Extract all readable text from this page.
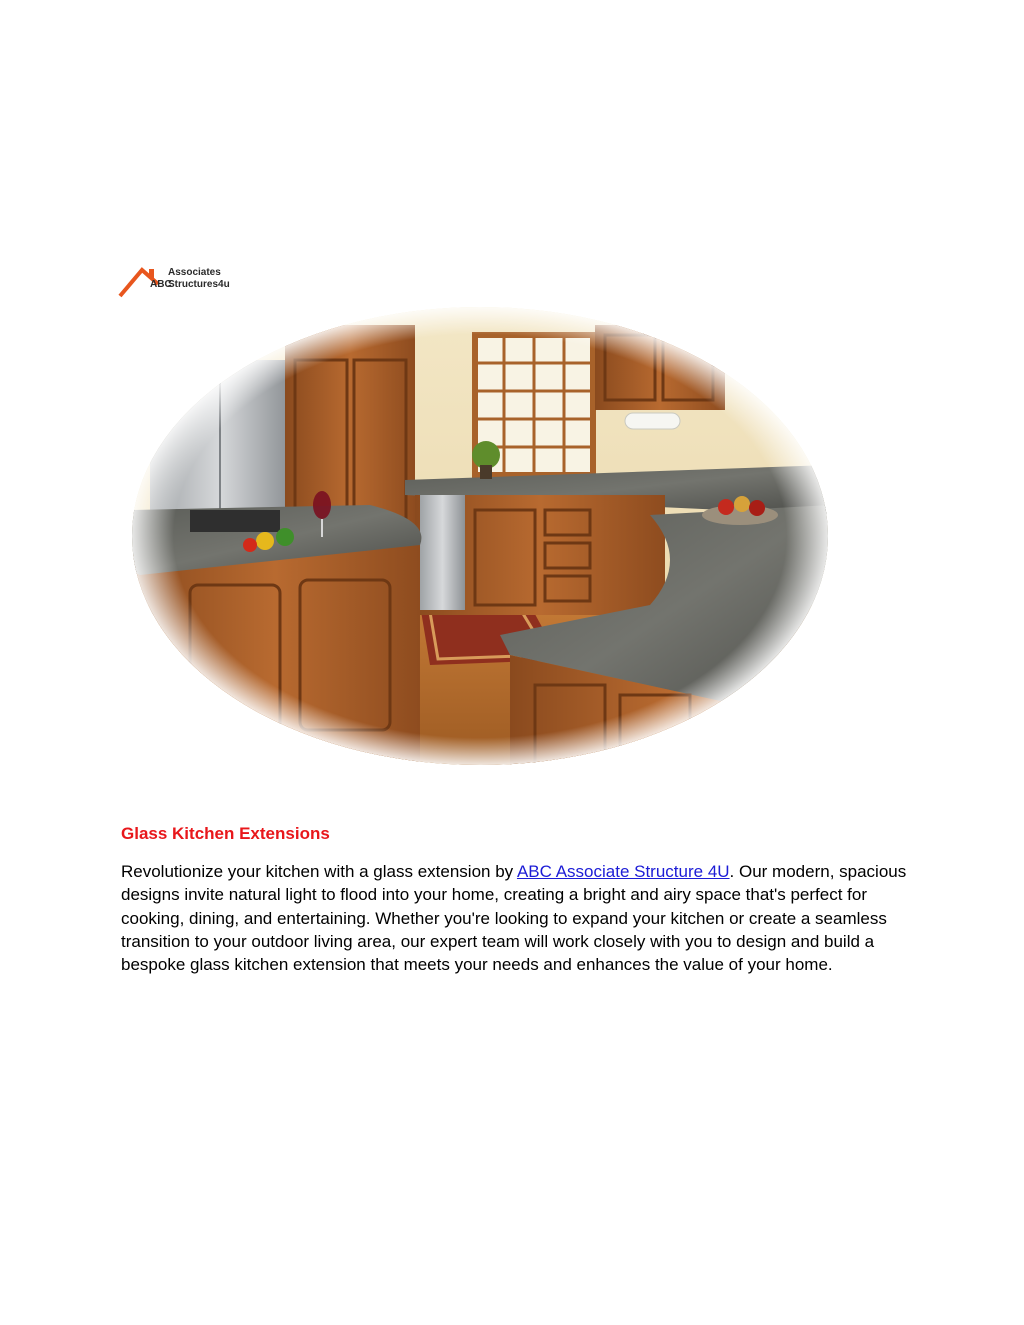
Associates
ABC
Structures4u
Glass Kitchen Extensions

Revolutionize your kitchen with a glass extension by ABC Associate Structure 4U. Our modern, spacious designs invite natural light to flood into your home, creating a bright and airy space that's perfect for cooking, dining, and entertaining. Whether you're looking to expand your kitchen or create a seamless transition to your outdoor living area, our expert team will work closely with you to design and build a bespoke glass kitchen extension that meets your needs and enhances the value of your home.
